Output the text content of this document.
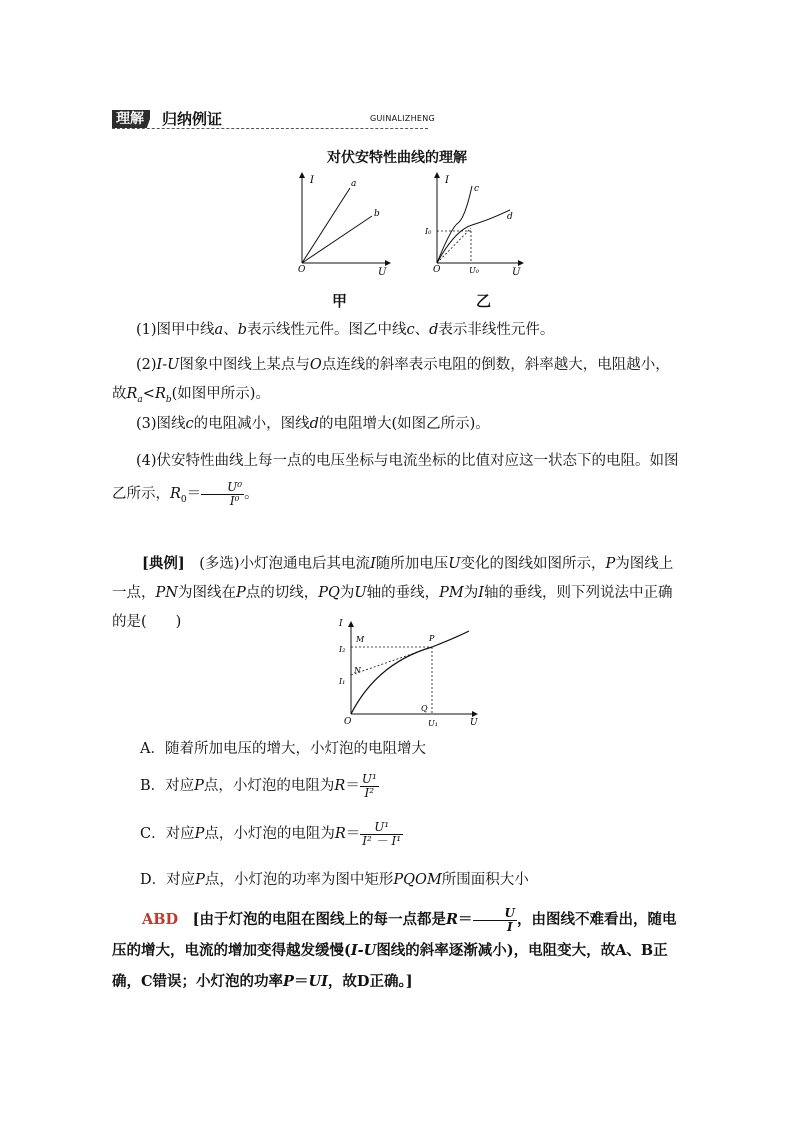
理解	归纳例证	GUINALIZHENG
对伏安特性曲线的理解
I
U
O
a
b
甲
I
U
O
c
d
I₀
U₀
乙
(1)图甲中线a、b表示线性元件。图乙中线c、d表示非线性元件。
(2)I-U图象中图线上某点与O点连线的斜率表示电阻的倒数，斜率越大，电阻越小，故$R_a<R_b$(如图甲所示)。
(3)图线c的电阻减小，图线d的电阻增大(如图乙所示)。
(4)伏安特性曲线上每一点的电压坐标与电流坐标的比值对应这一状态下的电阻。如图乙所示，$R_0= \frac{\text{U⁰}}{\text{I⁰}}$ 。
[典例]　 (多选)小灯泡通电后其电流I随所加电压U变化的图线如图所示，P为图线上一点，PN为图线在P点的切线，PQ为U轴的垂线，PM为I轴的垂线，则下列说法中正确的是(　　)	I
U
O
M	P
N
Q
I₂
I₁
U₁
A．随着所加电压的增大，小灯泡的电阻增大
B．对应P点，小灯泡的电阻为$R= \frac{\text{U¹}}{\text{I²}}$
C．对应P点，小灯泡的电阻为$R= \frac{\text{U¹}}{\text{I² － I¹}}$
D．对应P点，小灯泡的功率为图中矩形PQOM所围面积大小
ABD　 [由于灯泡的电阻在图线上的每一点都是$R= \frac{U}{I}$ ，由图线不难看出，随电压的增大，电流的增加变得越发缓慢(I-U图线的斜率逐渐减小)，电阻变大，故A、B正确，C错误；小灯泡的功率P＝UI，故D正确。]
